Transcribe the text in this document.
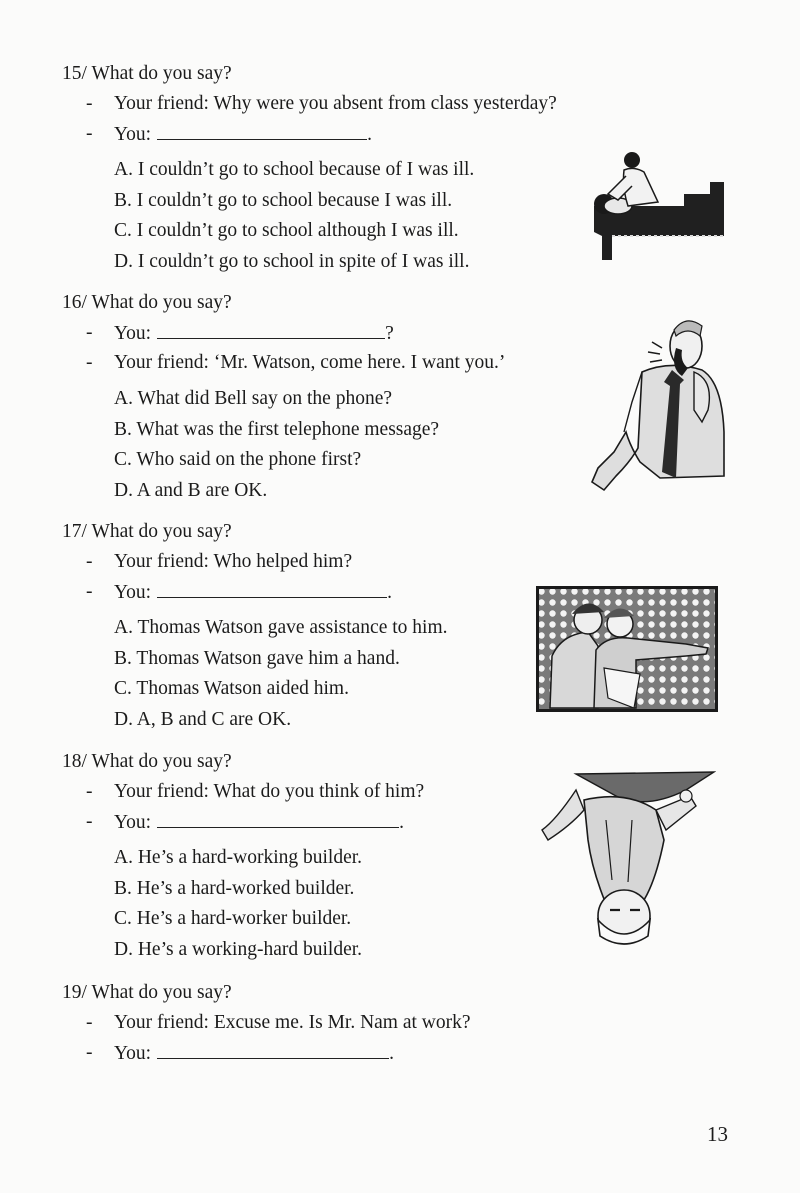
15/ What do you say?
- Your friend: Why were you absent from class yesterday?
- You:	.
A. I couldn’t go to school because of I was ill.
B. I couldn’t go to school because I was ill.
C. I couldn’t go to school although I was ill.
D. I couldn’t go to school in spite of I was ill.
16/ What do you say?
- You:	?
- Your friend: ‘Mr. Watson, come here. I want you.’
A. What did Bell say on the phone?
B. What was the first telephone message?
C. Who said on the phone first?
D. A and B are OK.
17/ What do you say?
- Your friend: Who helped him?
- You:	.
A. Thomas Watson gave assistance to him.
B. Thomas Watson gave him a hand.
C. Thomas Watson aided him.
D. A, B and C are OK.
18/ What do you say?
- Your friend: What do you think of him?
- You:	.
A. He’s a hard-working builder.
B. He’s a hard-worked builder.
C. He’s a hard-worker builder.
D. He’s a working-hard builder.
19/ What do you say?
- Your friend: Excuse me. Is Mr. Nam at work?
- You:	.
13
